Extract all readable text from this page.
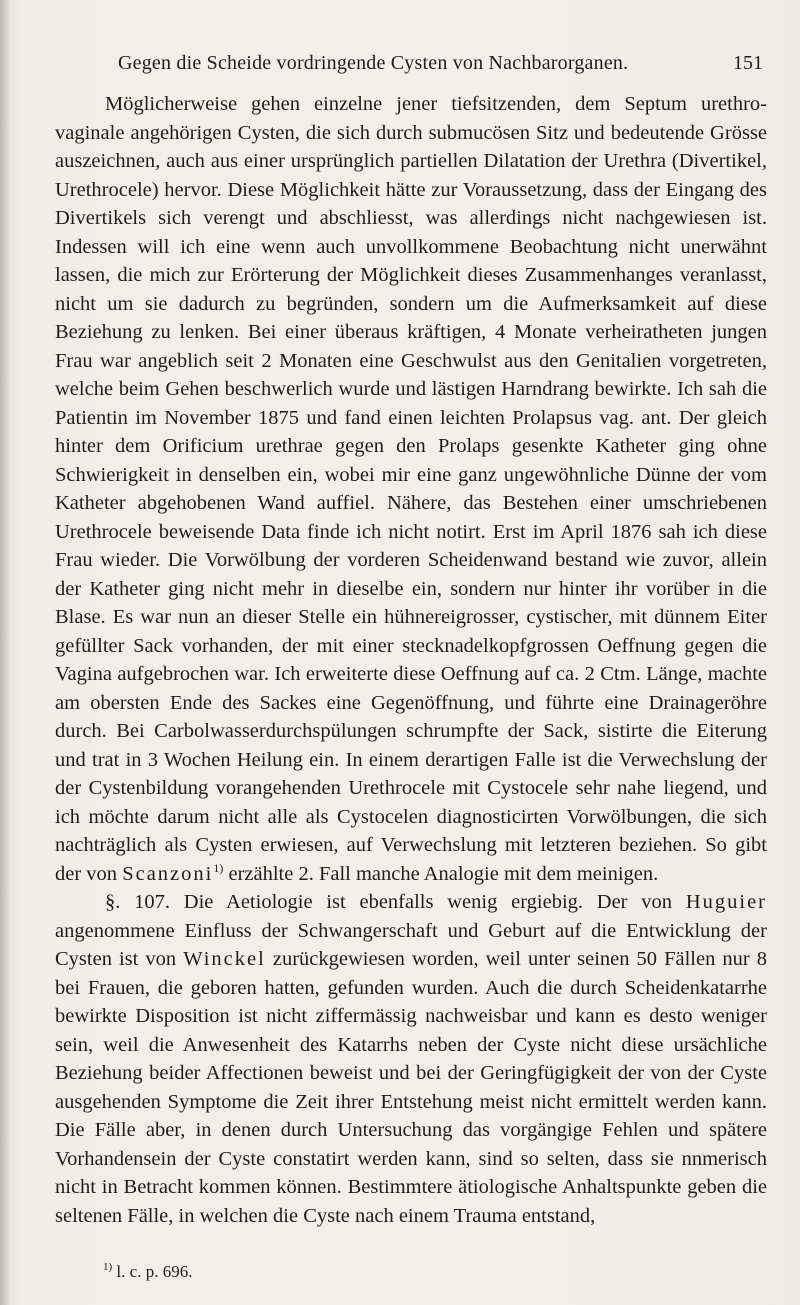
Gegen die Scheide vordringende Cysten von Nachbarorganen.	151

Möglicherweise gehen einzelne jener tiefsitzenden, dem Septum urethro-vaginale angehörigen Cysten, die sich durch submucösen Sitz und bedeutende Grösse auszeichnen, auch aus einer ursprünglich partiellen Dilatation der Urethra (Divertikel, Urethrocele) hervor. Diese Möglichkeit hätte zur Voraussetzung, dass der Eingang des Divertikels sich verengt und abschliesst, was allerdings nicht nachgewiesen ist. Indessen will ich eine wenn auch unvollkommene Beobachtung nicht unerwähnt lassen, die mich zur Erörterung der Möglichkeit dieses Zusammenhanges veranlasst, nicht um sie dadurch zu begründen, sondern um die Aufmerksamkeit auf diese Beziehung zu lenken. Bei einer überaus kräftigen, 4 Monate verheiratheten jungen Frau war angeblich seit 2 Monaten eine Geschwulst aus den Genitalien vorgetreten, welche beim Gehen beschwerlich wurde und lästigen Harndrang bewirkte. Ich sah die Patientin im November 1875 und fand einen leichten Prolapsus vag. ant. Der gleich hinter dem Orificium urethrae gegen den Prolaps gesenkte Katheter ging ohne Schwierigkeit in denselben ein, wobei mir eine ganz ungewöhnliche Dünne der vom Katheter abgehobenen Wand auffiel. Nähere, das Bestehen einer umschriebenen Urethrocele beweisende Data finde ich nicht notirt. Erst im April 1876 sah ich diese Frau wieder. Die Vorwölbung der vorderen Scheidenwand bestand wie zuvor, allein der Katheter ging nicht mehr in dieselbe ein, sondern nur hinter ihr vorüber in die Blase. Es war nun an dieser Stelle ein hühnereigrosser, cystischer, mit dünnem Eiter gefüllter Sack vorhanden, der mit einer stecknadelkopfgrossen Oeffnung gegen die Vagina aufgebrochen war. Ich erweiterte diese Oeffnung auf ca. 2 Ctm. Länge, machte am obersten Ende des Sackes eine Gegenöffnung, und führte eine Drainageröhre durch. Bei Carbolwasserdurchspülungen schrumpfte der Sack, sistirte die Eiterung und trat in 3 Wochen Heilung ein. In einem derartigen Falle ist die Verwechslung der der Cystenbildung vorangehenden Urethrocele mit Cystocele sehr nahe liegend, und ich möchte darum nicht alle als Cystocelen diagnosticirten Vorwölbungen, die sich nachträglich als Cysten erwiesen, auf Verwechslung mit letzteren beziehen. So gibt der von Scanzoni$^{1)}$ erzählte 2. Fall manche Analogie mit dem meinigen.

§. 107. Die Aetiologie ist ebenfalls wenig ergiebig. Der von Huguier angenommene Einfluss der Schwangerschaft und Geburt auf die Entwicklung der Cysten ist von Winckel zurückgewiesen worden, weil unter seinen 50 Fällen nur 8 bei Frauen, die geboren hatten, gefunden wurden. Auch die durch Scheidenkatarrhe bewirkte Disposition ist nicht ziffermässig nachweisbar und kann es desto weniger sein, weil die Anwesenheit des Katarrhs neben der Cyste nicht diese ursächliche Beziehung beider Affectionen beweist und bei der Geringfügigkeit der von der Cyste ausgehenden Symptome die Zeit ihrer Entstehung meist nicht ermittelt werden kann. Die Fälle aber, in denen durch Untersuchung das vorgängige Fehlen und spätere Vorhandensein der Cyste constatirt werden kann, sind so selten, dass sie nnmerisch nicht in Betracht kommen können. Bestimmtere ätiologische Anhaltspunkte geben die seltenen Fälle, in welchen die Cyste nach einem Trauma entstand,

$^{1)}$ l. c. p. 696.
